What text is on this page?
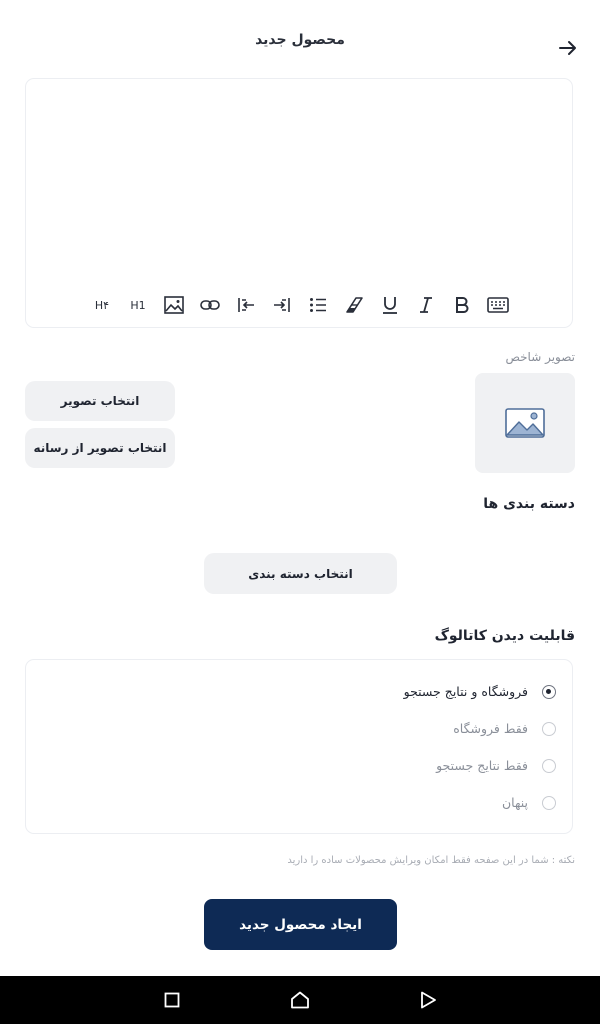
محصول جدید
H۴ H1
تصویر شاخص
انتخاب تصویر
انتخاب تصویر از رسانه
دسته بندی ها
انتخاب دسته بندی
قابلیت دیدن کاتالوگ
فروشگاه و نتایج جستجو
فقط فروشگاه
فقط نتایج جستجو
پنهان
نکته : شما در این صفحه فقط امکان ویرایش محصولات ساده را دارید
ایجاد محصول جدید
